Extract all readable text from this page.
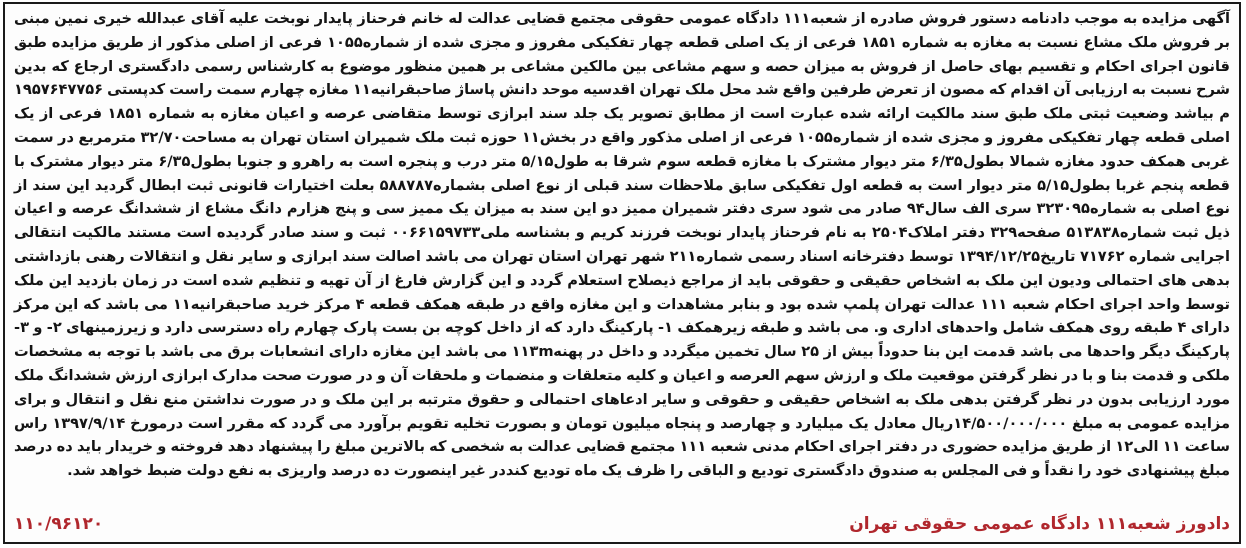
آگهی مزایده به موجب دادنامه دستور فروش صادره از شعبه۱۱۱ دادگاه عمومی حقوقی مجتمع قضایی عدالت له خانم فرحناز پایدار نوبخت علیه آقای عبدالله خیری نمین مبنی بر فروش ملک مشاع نسبت به مغازه به شماره ۱۸۵۱ فرعی از یک اصلی قطعه چهار تفکیکی مفروز و مجزی شده از شماره۱۰۵۵ فرعی از اصلی مذکور از طریق مزایده طبق قانون اجرای احکام و تقسیم بهای حاصل از فروش به میزان حصه و سهم مشاعی بین مالکین مشاعی بر همین منظور موضوع به کارشناس رسمی دادگستری ارجاع که بدین شرح نسبت به ارزیابی آن اقدام که مصون از تعرض طرفین واقع شد محل ملک تهران اقدسیه موحد دانش پاساژ صاحبقرانیه۱۱ مغازه چهارم سمت راست کدپستی ۱۹۵۷۶۴۷۷۵۶ م بیاشد وضعیت ثبتی ملک طبق سند مالکیت ارائه شده عبارت است از مطابق تصویر یک جلد سند ابرازی توسط متقاضی عرصه و اعیان مغازه به شماره ۱۸۵۱ فرعی از یک اصلی قطعه چهار تفکیکی مفروز و مجزی شده از شماره۱۰۵۵ فرعی از اصلی مذکور واقع در بخش۱۱ حوزه ثبت ملک شمیران استان تهران به مساحت۳۲/۷۰ مترمربع در سمت غربی همکف حدود مغازه شمالا بطول۶/۳۵ متر دیوار مشترک با مغازه قطعه سوم شرقا به طول۵/۱۵ متر درب و پنجره است به راهرو و جنوبا بطول۶/۳۵ متر دیوار مشترک با قطعه پنجم غربا بطول۵/۱۵ متر دیوار است به قطعه اول تفکیکی سابق ملاحظات سند قبلی از نوع اصلی بشماره۵۸۸۷۸۷ بعلت اختیارات قانونی ثبت ابطال گردید این سند از نوع اصلی به شماره۳۲۳۰۹۵ سری الف سال۹۴ صادر می شود سری دفتر شمیران ممیز دو این سند به میزان یک ممیز سی و پنج هزارم دانگ مشاع از ششدانگ عرصه و اعیان ذیل ثبت شماره۵۱۳۸۳۸ صفحه۳۲۹ دفتر املاک۲۵۰۴ به نام فرحناز پایدار نوبخت فرزند کریم و بشناسه ملی۰۰۶۶۱۵۹۷۳۳ ثبت و سند صادر گردیده است مستند مالکیت انتقالی اجرایی شماره ۷۱۷۶۲ تاریخ۱۳۹۴/۱۲/۲۵ توسط دفترخانه اسناد رسمی شماره۲۱۱ شهر تهران استان تهران می باشد اصالت سند ابرازی و سایر نقل و انتقالات رهنی بازداشتی بدهی های احتمالی ودیون این ملک به اشخاص حقیقی و حقوقی باید از مراجع ذیصلاح استعلام گردد و این گزارش فارغ از آن تهیه و تنظیم شده است در زمان بازدید این ملک توسط واحد اجرای احکام شعبه ۱۱۱ عدالت تهران پلمپ شده بود و بنابر مشاهدات و این مغازه واقع در طبقه همکف قطعه ۴ مرکز خرید صاحبقرانیه۱۱ می باشد که این مرکز دارای ۴ طبقه روی همکف شامل واحدهای اداری و. می باشد و طبقه زیرهمکف ۱- پارکینگ دارد که از داخل کوچه بن بست پارک چهارم راه دسترسی دارد و زیرزمینهای ۲- و ۳- پارکینگ دیگر واحدها می باشد قدمت این بنا حدوداً بیش از ۲۵ سال تخمین میگردد و داخل در پهنه۱۱۳m می باشد این مغازه دارای انشعابات برق می باشد با توجه به مشخصات ملکی و قدمت بنا و با در نظر گرفتن موقعیت ملک و ارزش سهم العرصه و اعیان و کلیه متعلقات و منضمات و ملحقات آن و در صورت صحت مدارک ابرازی ارزش ششدانگ ملک مورد ارزیابی بدون در نظر گرفتن بدهی ملک به اشخاص حقیقی و حقوقی و سایر ادعاهای احتمالی و حقوق مترتبه بر این ملک و در صورت نداشتن منع نقل و انتقال و برای مزایده عمومی به مبلغ ۱۴/۵۰۰/۰۰۰/۰۰۰ریال معادل یک میلیارد و چهارصد و پنجاه میلیون تومان و بصورت تخلیه تقویم برآورد می گردد که مقرر است درمورخ ۱۳۹۷/۹/۱۴ راس ساعت ۱۱ الی۱۲ از طریق مزایده حضوری در دفتر اجرای احکام مدنی شعبه ۱۱۱ مجتمع قضایی عدالت به شخصی که بالاترین مبلغ را پیشنهاد دهد فروخته و خریدار باید ده درصد مبلغ پیشنهادی خود را نقداً و فی المجلس به صندوق دادگستری تودیع و الباقی را ظرف یک ماه تودیع کنددر غیر اینصورت ده درصد واریزی به نفع دولت ضبط خواهد شد.

دادورز شعبه۱۱۱ دادگاه عمومی حقوقی تهران
۱۱۰/۹۶۱۲۰
